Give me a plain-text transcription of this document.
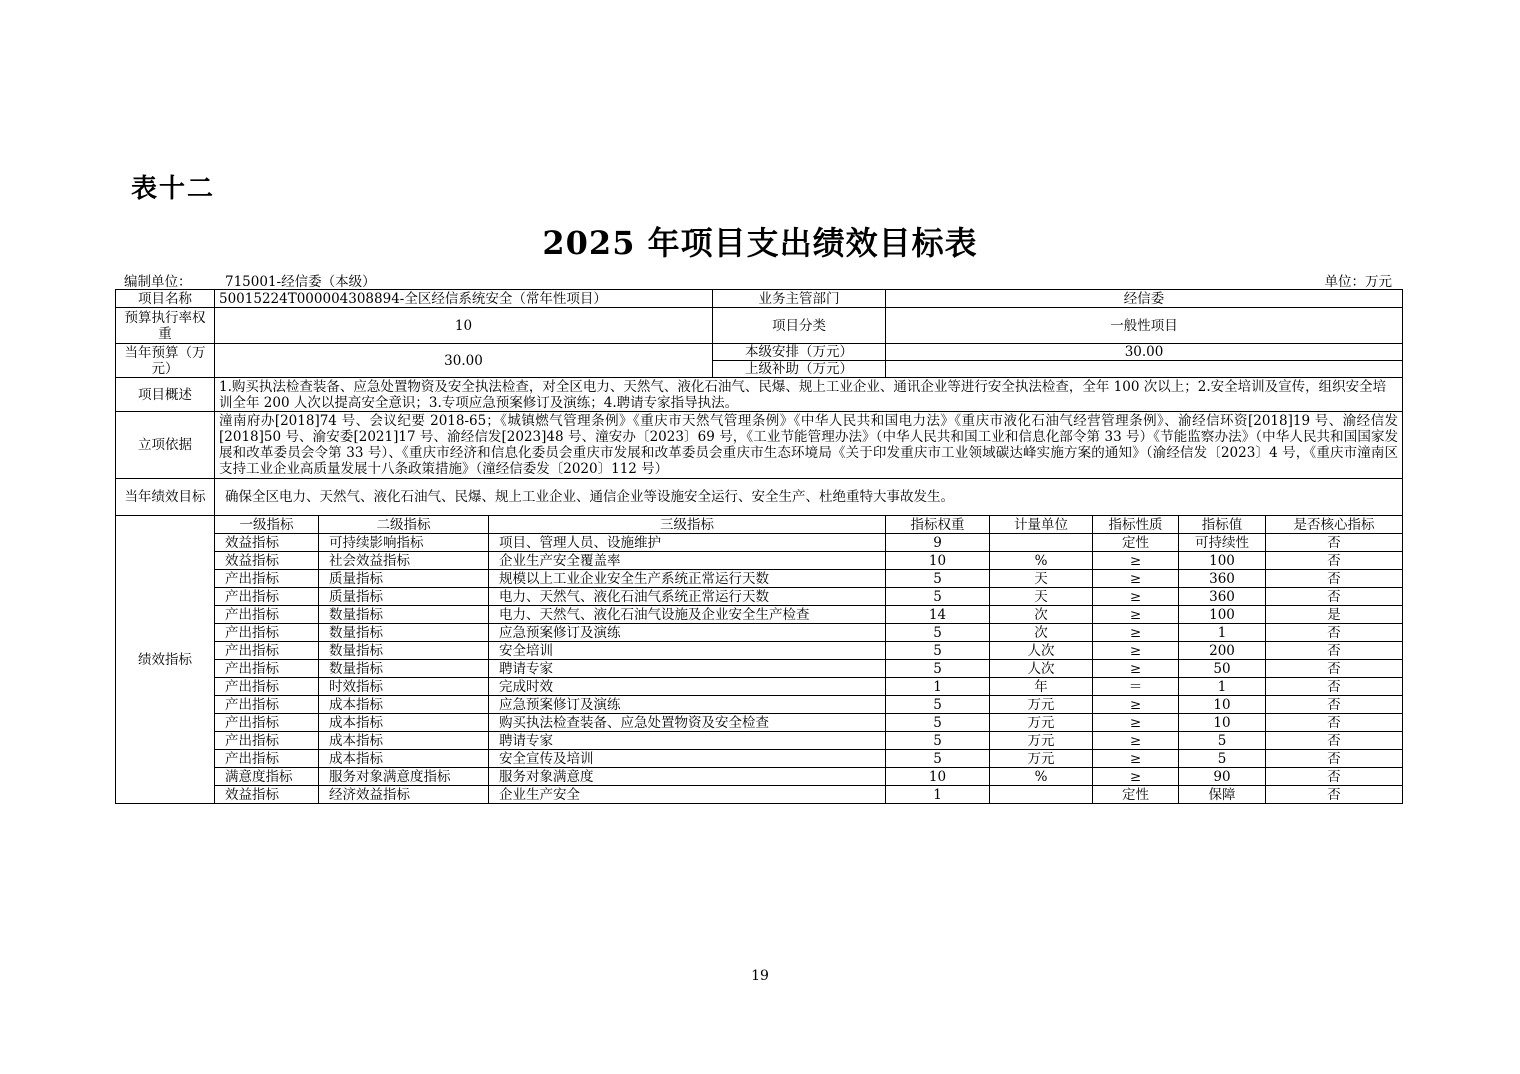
表十二
2025 年项目支出绩效目标表
编制单位： 715001-经信委（本级）	单位：万元
项目名称	50015224T000004308894-全区经信系统安全（常年性项目）			业务主管部门	经信委				
预算执行率权重	10			项目分类	一般性项目				
当年预算（万元）	30.00			本级安排（万元）	30.00				
				上级补助（万元）					
项目概述	1.购买执法检查装备、应急处置物资及安全执法检查，对全区电力、天然气、液化石油气、民爆、规上工业企业、通讯企业等进行安全执法检查，全年 100 次以上；2.安全培训及宣传，组织安全培训全年 200 人次以提高安全意识；3.专项应急预案修订及演练；4.聘请专家指导执法。								
立项依据	潼南府办[2018]74 号、会议纪要 2018-65；《城镇燃气管理条例》《重庆市天然气管理条例》《中华人民共和国电力法》《重庆市液化石油气经营管理条例》、渝经信环资[2018]19 号、渝经信发[2018]50 号、渝安委[2021]17 号、渝经信发[2023]48 号、潼安办〔2023〕69 号，《工业节能管理办法》（中华人民共和国工业和信息化部令第 33 号）《节能监察办法》（中华人民共和国国家发展和改革委员会令第 33 号）、《重庆市经济和信息化委员会重庆市发展和改革委员会重庆市生态环境局《关于印发重庆市工业领域碳达峰实施方案的通知》（渝经信发〔2023〕4 号，《重庆市潼南区支持工业企业高质量发展十八条政策措施》（潼经信委发〔2020〕112 号）								
当年绩效目标	确保全区电力、天然气、液化石油气、民爆、规上工业企业、通信企业等设施安全运行、安全生产、杜绝重特大事故发生。								
绩效指标	一级指标	二级指标	三级指标		指标权重	计量单位	指标性质	指标值	是否核心指标
	效益指标	可持续影响指标	项目、管理人员、设施维护		9		定性	可持续性	否
	效益指标	社会效益指标	企业生产安全覆盖率		10	%	≥	100	否
	产出指标	质量指标	规模以上工业企业安全生产系统正常运行天数		5	天	≥	360	否
	产出指标	质量指标	电力、天然气、液化石油气系统正常运行天数		5	天	≥	360	否
	产出指标	数量指标	电力、天然气、液化石油气设施及企业安全生产检查		14	次	≥	100	是
	产出指标	数量指标	应急预案修订及演练		5	次	≥	1	否
	产出指标	数量指标	安全培训		5	人次	≥	200	否
	产出指标	数量指标	聘请专家		5	人次	≥	50	否
	产出指标	时效指标	完成时效		1	年	＝	1	否
	产出指标	成本指标	应急预案修订及演练		5	万元	≥	10	否
	产出指标	成本指标	购买执法检查装备、应急处置物资及安全检查		5	万元	≥	10	否
	产出指标	成本指标	聘请专家		5	万元	≥	5	否
	产出指标	成本指标	安全宣传及培训		5	万元	≥	5	否
	满意度指标	服务对象满意度指标	服务对象满意度		10	%	≥	90	否
	效益指标	经济效益指标	企业生产安全		1		定性	保障	否
19
